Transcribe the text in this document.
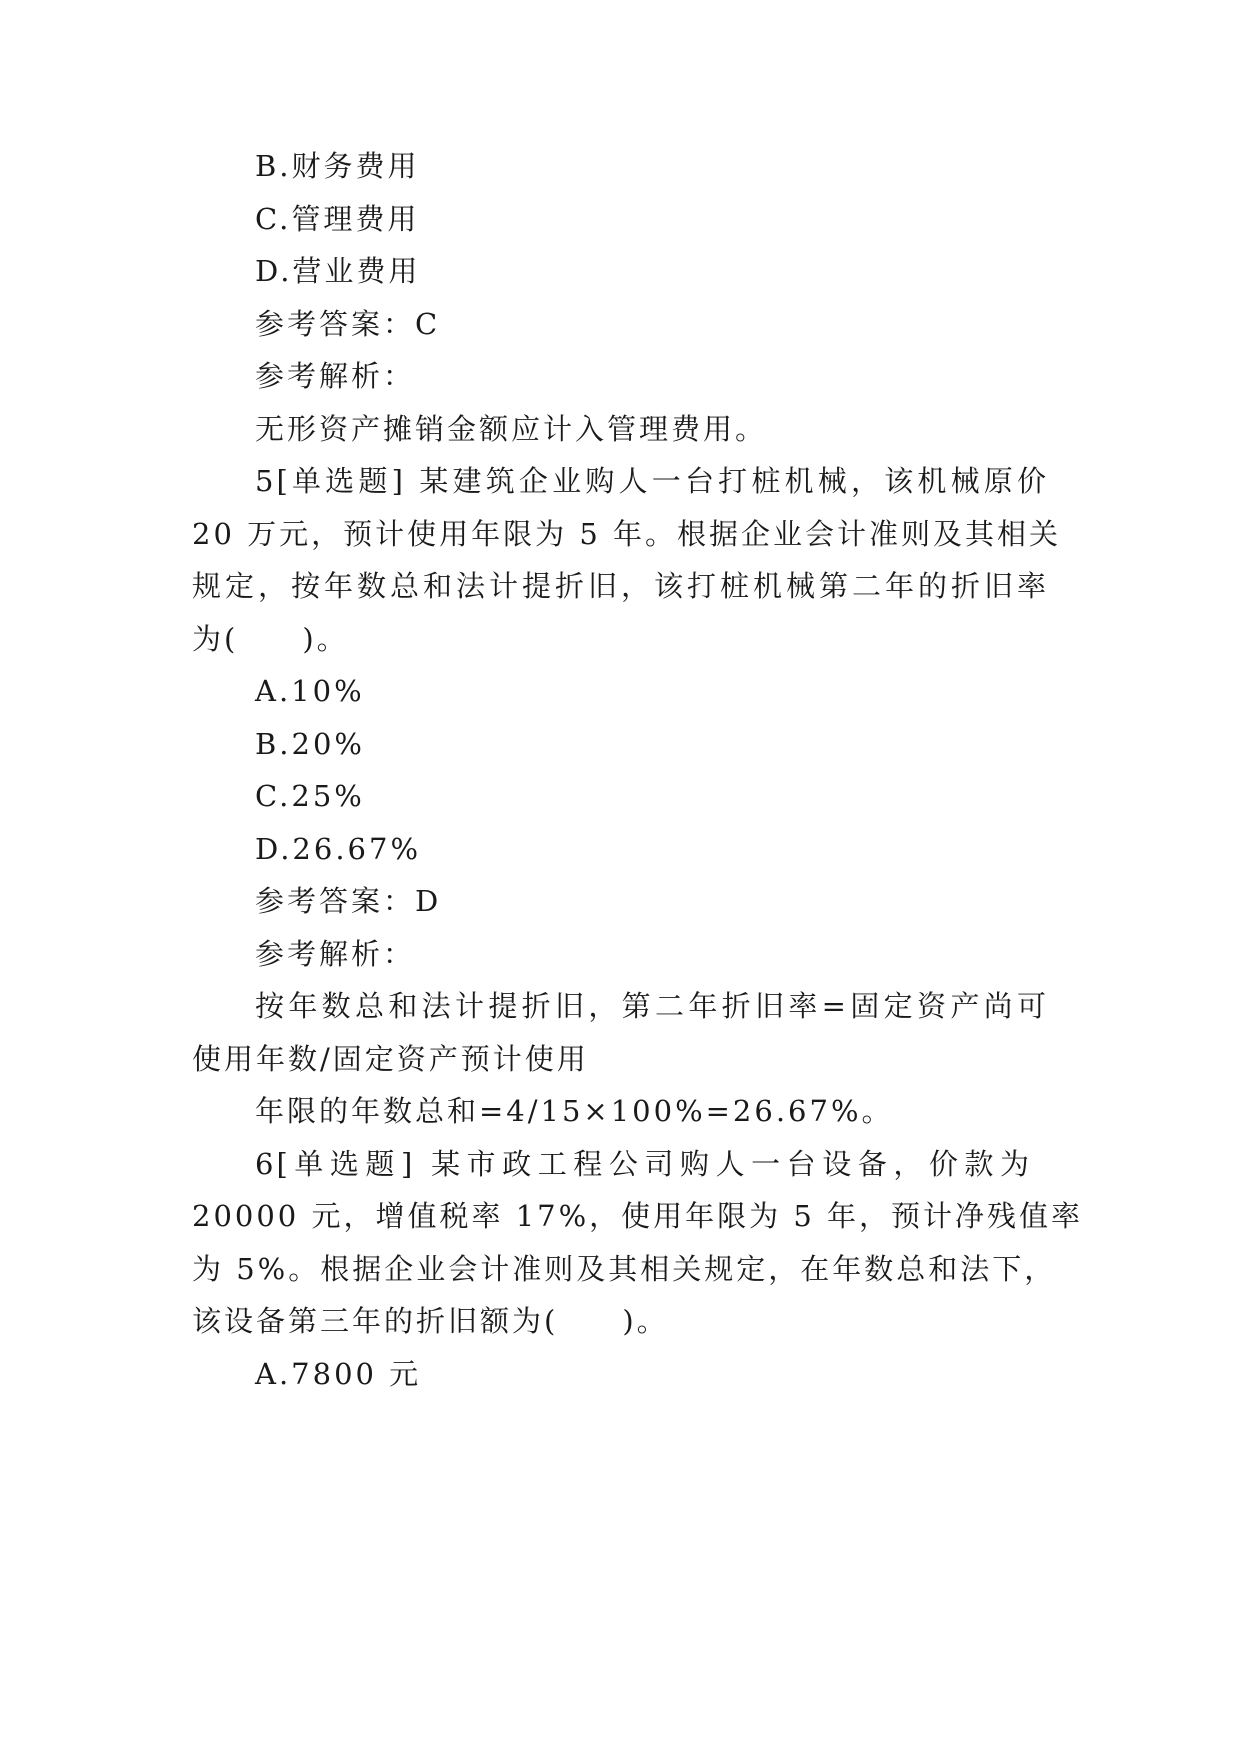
B.财务费用
C.管理费用
D.营业费用
参考答案：C
参考解析：
无形资产摊销金额应计入管理费用。
5[单选题] 某建筑企业购人一台打桩机械，该机械原价
20 万元，预计使用年限为 5 年。根据企业会计准则及其相关
规定，按年数总和法计提折旧，该打桩机械第二年的折旧率
为(　　)。
A.10%
B.20%
C.25%
D.26.67%
参考答案：D
参考解析：
按年数总和法计提折旧，第二年折旧率=固定资产尚可
使用年数/固定资产预计使用
年限的年数总和=4/15×100%=26.67%。
6[单选题] 某市政工程公司购人一台设备，价款为
20000 元，增值税率 17%，使用年限为 5 年，预计净残值率
为 5%。根据企业会计准则及其相关规定，在年数总和法下，
该设备第三年的折旧额为(　　)。
A.7800 元
